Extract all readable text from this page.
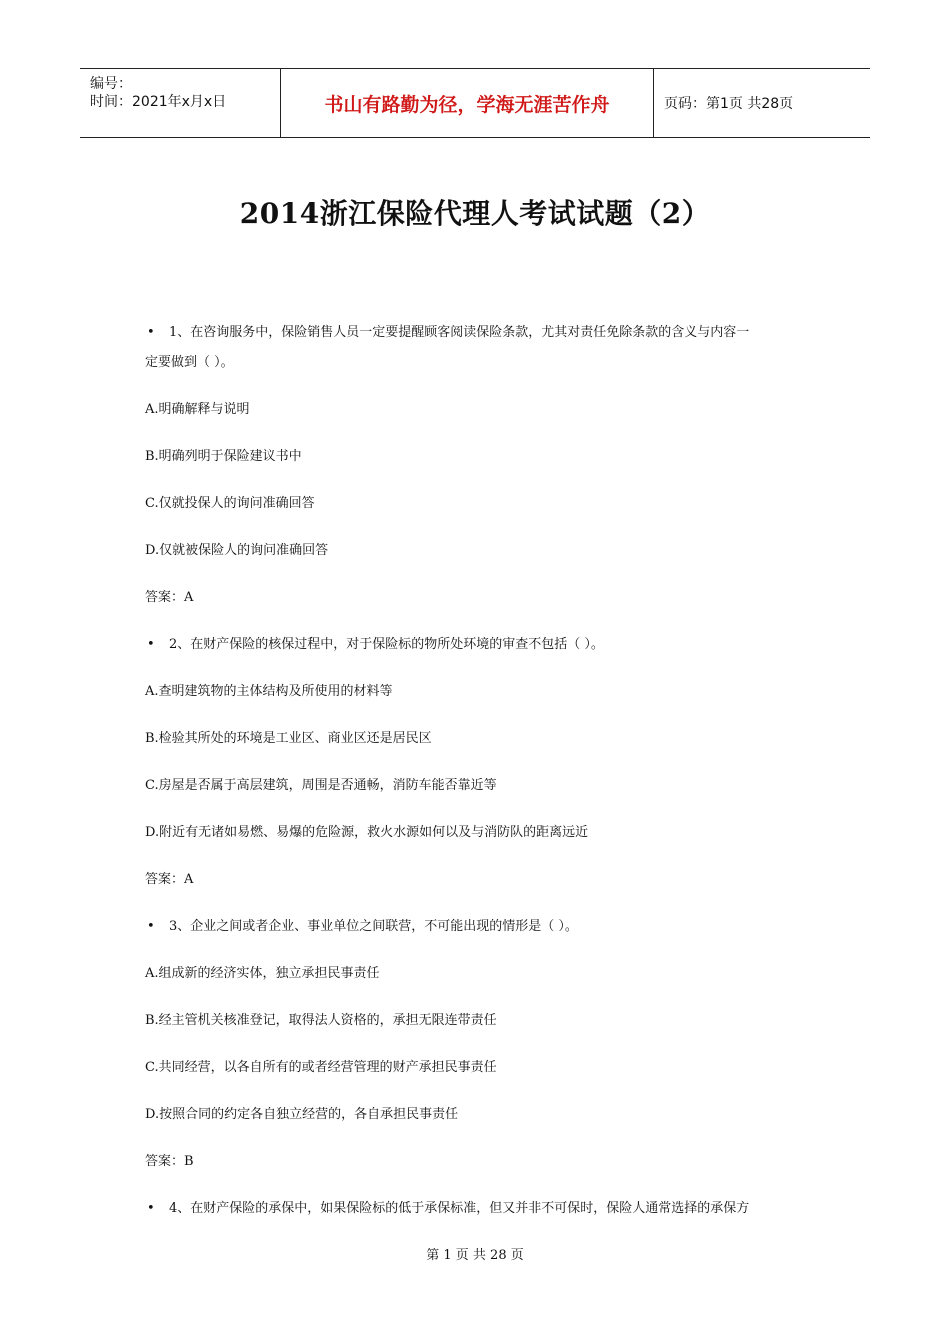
编号：
时间：2021年x月x日	书山有路勤为径，学海无涯苦作舟	页码：第1页 共28页
2014浙江保险代理人考试试题（2）
• 1、在咨询服务中，保险销售人员一定要提醒顾客阅读保险条款，尤其对责任免除条款的含义与内容一
定要做到（ ）。
A.明确解释与说明
B.明确列明于保险建议书中
C.仅就投保人的询问准确回答
D.仅就被保险人的询问准确回答
答案：A
• 2、在财产保险的核保过程中，对于保险标的物所处环境的审查不包括（ ）。
A.查明建筑物的主体结构及所使用的材料等
B.检验其所处的环境是工业区、商业区还是居民区
C.房屋是否属于高层建筑，周围是否通畅，消防车能否靠近等
D.附近有无诸如易燃、易爆的危险源，救火水源如何以及与消防队的距离远近
答案：A
• 3、企业之间或者企业、事业单位之间联营，不可能出现的情形是（ ）。
A.组成新的经济实体，独立承担民事责任
B.经主管机关核准登记，取得法人资格的，承担无限连带责任
C.共同经营，以各自所有的或者经营管理的财产承担民事责任
D.按照合同的约定各自独立经营的，各自承担民事责任
答案：B
• 4、在财产保险的承保中，如果保险标的低于承保标准，但又并非不可保时，保险人通常选择的承保方
第 1 页 共 28 页
